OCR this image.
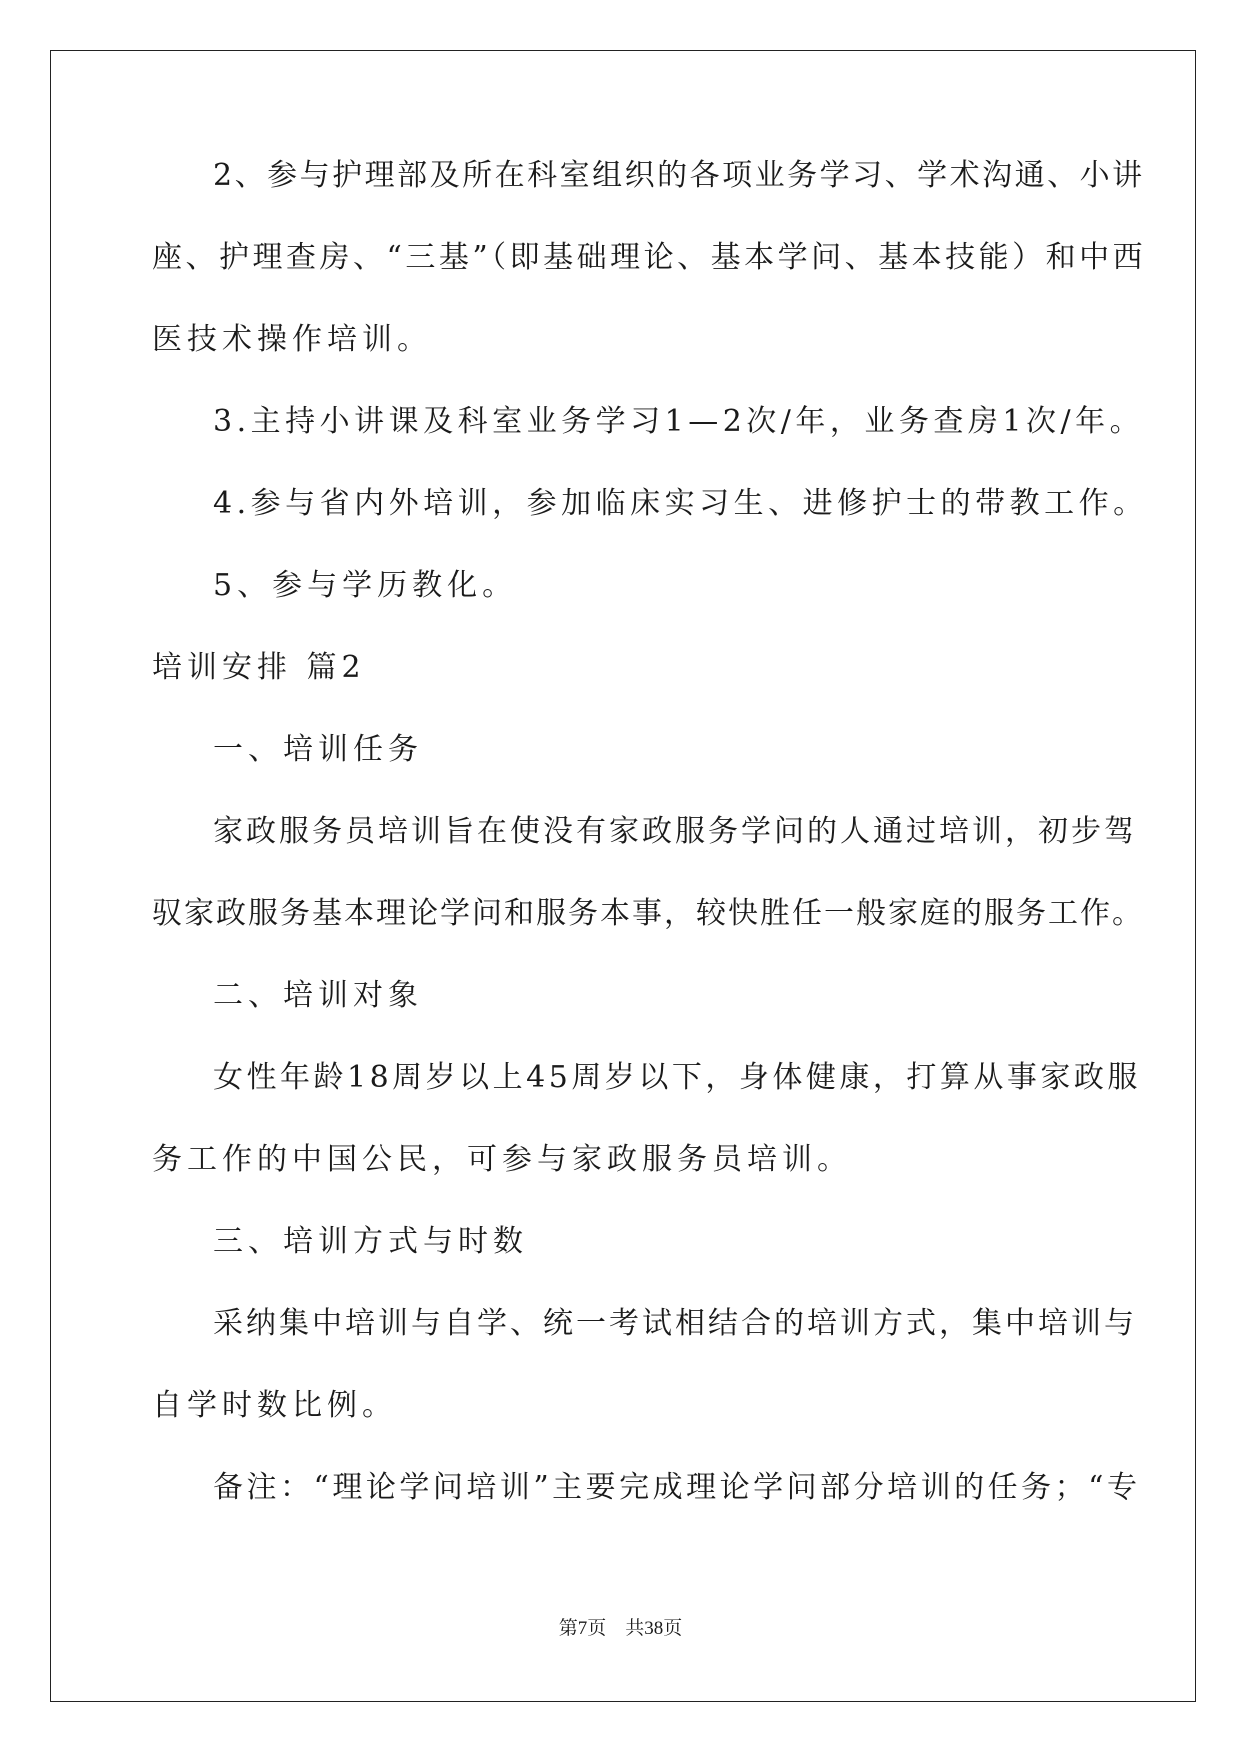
2、参与护理部及所在科室组织的各项业务学习、学术沟通、小讲
座、护理查房、“三基”（即基础理论、基本学问、基本技能）和中西
医技术操作培训。
3.主持小讲课及科室业务学习1—2次/年，业务查房1次/年。
4.参与省内外培训，参加临床实习生、进修护士的带教工作。
5、参与学历教化。
培训安排 篇2
一、培训任务
家政服务员培训旨在使没有家政服务学问的人通过培训，初步驾
驭家政服务基本理论学问和服务本事，较快胜任一般家庭的服务工作。
二、培训对象
女性年龄18周岁以上45周岁以下，身体健康，打算从事家政服
务工作的中国公民，可参与家政服务员培训。
三、培训方式与时数
采纳集中培训与自学、统一考试相结合的培训方式，集中培训与
自学时数比例。
备注：“理论学问培训”主要完成理论学问部分培训的任务；“专
第7页　共38页
